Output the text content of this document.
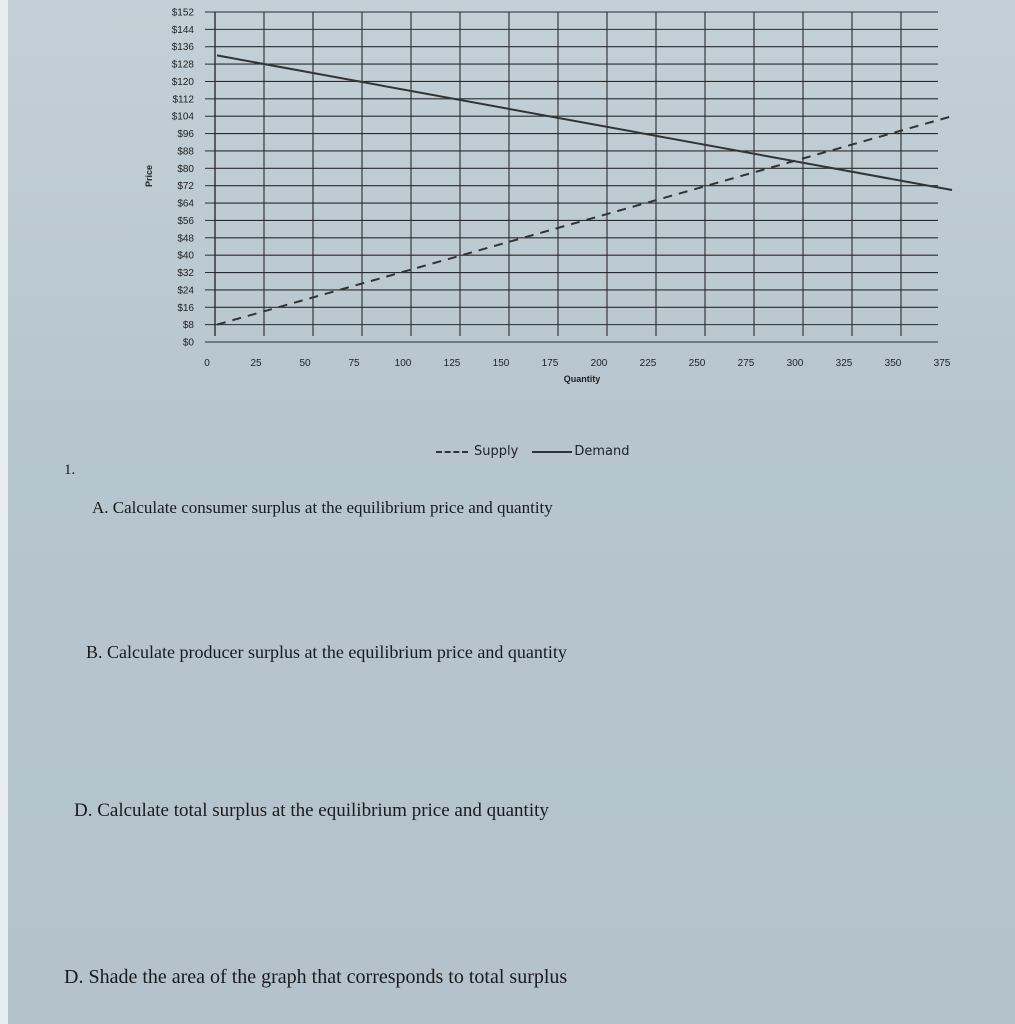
$0
$8
$16
$24
$32
$40
$48
$56
$64
$72
$80
$88
$96
$104
$112
$120
$128
$136
$144
$152
0	25	50	75	100	125	150	175	200	225	250	275	300	325	350	375
Quantity
Price
Supply	Demand
1.
A. Calculate consumer surplus at the equilibrium price and quantity
B. Calculate producer surplus at the equilibrium price and quantity
D. Calculate total surplus at the equilibrium price and quantity
D. Shade the area of the graph that corresponds to total surplus
